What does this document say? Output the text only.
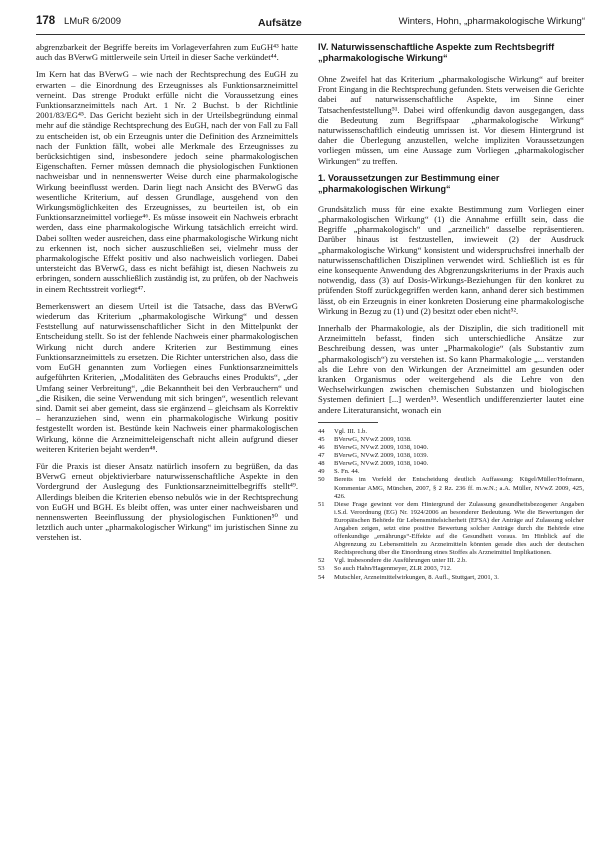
178 LMuR 6/2009	Aufsätze	Winters, Hohn, „pharmakologische Wirkung“

abgrenzbarkeit der Begriffe bereits im Vorlageverfahren zum EuGH⁴³ hatte auch das BVerwG mittlerweile sein Urteil in dieser Sache verkündet⁴⁴.

Im Kern hat das BVerwG – wie nach der Rechtsprechung des EuGH zu erwarten – die Einordnung des Erzeugnisses als Funktionsarzneimittel verneint. Das strenge Produkt erfülle nicht die Voraussetzung eines Funktionsarzneimittels nach Art. 1 Nr. 2 Buchst. b der Richtlinie 2001/83/EG⁴⁵. Das Gericht bezieht sich in der Urteilsbegründung einmal mehr auf die ständige Rechtsprechung des EuGH, nach der von Fall zu Fall zu entscheiden ist, ob ein Erzeugnis unter die Definition des Arzneimittels nach der Funktion fällt, wobei alle Merkmale des Erzeugnisses zu berücksichtigen sind, insbesondere jedoch seine pharmakologischen Eigenschaften. Ferner müssen demnach die physiologischen Funktionen nachweisbar und in nennenswerter Weise durch eine pharmakologische Wirkung beeinflusst werden. Darin liegt nach Ansicht des BVerwG das wesentliche Kriterium, auf dessen Grundlage, ausgehend von den Wirkungsmöglichkeiten des Erzeugnisses, zu beurteilen ist, ob ein Funktionsarzneimittel vorliege⁴⁶. Es müsse insoweit ein Nachweis erbracht werden, dass eine pharmakologische Wirkung tatsächlich erreicht wird. Dabei sollten weder ausreichen, dass eine pharmakologische Wirkung nicht zu erkennen ist, noch sicher auszuschließen sei, vielmehr muss der pharmakologische Effekt positiv und also nachweislich vorliegen. Dabei untersteicht das BVerwG, dass es nicht befähigt ist, diesen Nachweis zu erbringen, sondern ausschließlich zuständig ist, zu prüfen, ob der Nachweis in einem Rechtsstreit vorliegt⁴⁷.

Bemerkenswert an diesem Urteil ist die Tatsache, dass das BVerwG wiederum das Kriterium „pharmakologische Wirkung“ und dessen Feststellung auf naturwissenschaftlicher Sicht in den Mittelpunkt der Entscheidung stellt. So ist der fehlende Nachweis einer pharmakologischen Wirkung nicht durch andere Kriterien zur Bestimmung eines Funktionsarzneimittels zu ersetzen. Die Richter unterstrichen also, dass die vom EuGH genannten zum Vorliegen eines Funktionsarzneimittels aufgeführten Kriterien, „Modalitäten des Gebrauchs eines Produkts“, „der Umfang seiner Verbreitung“, „die Bekanntheit bei den Verbrauchern“ und „die Risiken, die seine Verwendung mit sich bringen“, wesentlich relevant sind. Damit sei aber gemeint, dass sie ergänzend – gleichsam als Korrektiv – heranzuziehen sind, wenn ein pharmakologische Wirkung positiv festgestellt worden ist. Bestünde kein Nachweis einer pharmakologischen Wirkung, könne die Arzneimitteleigenschaft nicht allein aufgrund dieser weiteren Kriterien bejaht werden⁴⁸.

Für die Praxis ist dieser Ansatz natürlich insofern zu begrüßen, da das BVerwG erneut objektivierbare naturwissenschaftliche Aspekte in den Vordergrund der Auslegung des Funktionsarzneimittelbegriffs stellt⁴⁹. Allerdings bleiben die Kriterien ebenso nebulös wie in der Rechtsprechung von EuGH und BGH. Es bleibt offen, was unter einer nachweisbaren und nennenswerten Beeinflussung der physiologischen Funktionen⁵⁰ und letztlich auch unter „pharmakologischer Wirkung“ im juristischen Sinne zu verstehen ist.

IV. Naturwissenschaftliche Aspekte zum Rechtsbegriff „pharmakologische Wirkung“

Ohne Zweifel hat das Kriterium „pharmakologische Wirkung“ auf breiter Front Eingang in die Rechtsprechung gefunden. Stets verweisen die Gerichte dabei auf naturwissenschaftliche Aspekte, im Sinne einer Tatsachenfeststellung⁵¹. Dabei wird offenkundig davon ausgegangen, dass die Bedeutung zum Begriffspaar „pharmakologische Wirkung“ naturwissenschaftlich eindeutig umrissen ist. Vor diesem Hintergrund ist daher die Überlegung anzustellen, welche impliziten Voraussetzungen vorliegen müssen, um eine Aussage zum Vorliegen „pharmakologischer Wirkungen“ zu treffen.

1. Voraussetzungen zur Bestimmung einer „pharmakologischen Wirkung“

Grundsätzlich muss für eine exakte Bestimmung zum Vorliegen einer „pharmakologischen Wirkung“ (1) die Annahme erfüllt sein, dass die Begriffe „pharmakologisch“ und „arzneilich“ dasselbe repräsentieren. Darüber hinaus ist festzustellen, inwieweit (2) der Ausdruck „pharmakologische Wirkung“ konsistent und widerspruchsfrei innerhalb der naturwissenschaftlichen Disziplinen verwendet wird. Schließlich ist es für eine konsequente Anwendung des Abgrenzungskriteriums in der Praxis auch notwendig, dass (3) auf Dosis-Wirkungs-Beziehungen für den konkret zu prüfenden Stoff zurückgegriffen werden kann, anhand derer sich bestimmen lässt, ob ein Erzeugnis in einer konkreten Dosierung eine pharmakologische Wirkung in Bezug zu (1) und (2) besitzt oder eben nicht⁵².

Innerhalb der Pharmakologie, als der Disziplin, die sich traditionell mit Arzneimitteln befasst, finden sich unterschiedliche Ansätze zur Beschreibung dessen, was unter „Pharmakologie“ (als Substantiv zum „pharmakologisch“) zu verstehen ist. So kann Pharmakologie „... verstanden als die Lehre von den Wirkungen der Arzneimittel am gesunden oder kranken Organismus oder weitergehend als die Lehre von den Wechselwirkungen zwischen chemischen Substanzen und biologischen Systemen definiert [...] werden⁵³. Wesentlich undifferenzierter lautet eine andere Literaturansicht, wonach ein

44	Vgl. III. 1.b.
45	BVerwG, NVwZ 2009, 1038.
46	BVerwG, NVwZ 2009, 1038, 1040.
47	BVerwG, NVwZ 2009, 1038, 1039.
48	BVerwG, NVwZ 2009, 1038, 1040.
49	S. Fn. 44.
50	Bereits im Vorfeld der Entscheidung deutlich Auffassung: Kügel/Müller/Hofmann, Kommentar AMG, München, 2007, § 2 Rz. 236 ff. m.w.N.; a.A. Müller, NVwZ 2009, 425, 426.
51	Diese Frage gewinnt vor dem Hintergrund der Zulassung gesundheitsbezogener Angaben i.S.d. Verordnung (EG) Nr. 1924/2006 an besonderer Bedeutung. Wie die Bewertungen der Europäischen Behörde für Lebensmittelsicherheit (EFSA) der Anträge auf Zulassung solcher Angaben zeigen, setzt eine positive Bewertung solcher Anträge durch die Behörde eine offenkundige „ernährungs“-Effekte auf die Gesundheit voraus. Im Hinblick auf die Abgrenzung zu Lebensmitteln zu Arzneimitteln könnten gerade dies auch der deutschen Rechtsprechung über die Einordnung eines Stoffes als Arzneimittel Implikationen.
52	Vgl. insbesondere die Ausführungen unter III. 2.b.
53	So auch Hahn/Hagenmeyer, ZLR 2003, 712.
54	Mutschler, Arzneimittelwirkungen, 8. Aufl., Stuttgart, 2001, 3.
